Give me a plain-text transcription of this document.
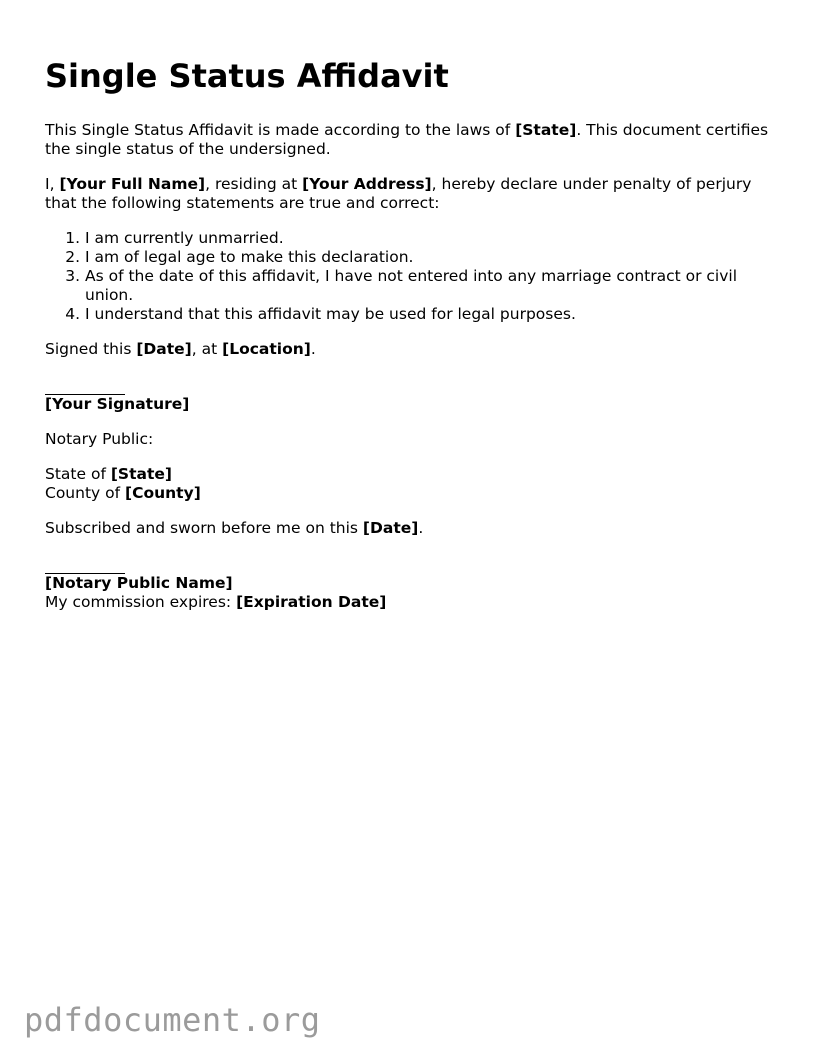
Single Status Affidavit

This Single Status Affidavit is made according to the laws of [State]. This document certifies the single status of the undersigned.

I, [Your Full Name], residing at [Your Address], hereby declare under penalty of perjury that the following statements are true and correct:

1. I am currently unmarried.
2. I am of legal age to make this declaration.
3. As of the date of this affidavit, I have not entered into any marriage contract or civil union.
4. I understand that this affidavit may be used for legal purposes.

Signed this [Date], at [Location].

[Your Signature]

Notary Public:

State of [State]

County of [County]

Subscribed and sworn before me on this [Date].

[Notary Public Name]

My commission expires: [Expiration Date]

pdfdocument.org
